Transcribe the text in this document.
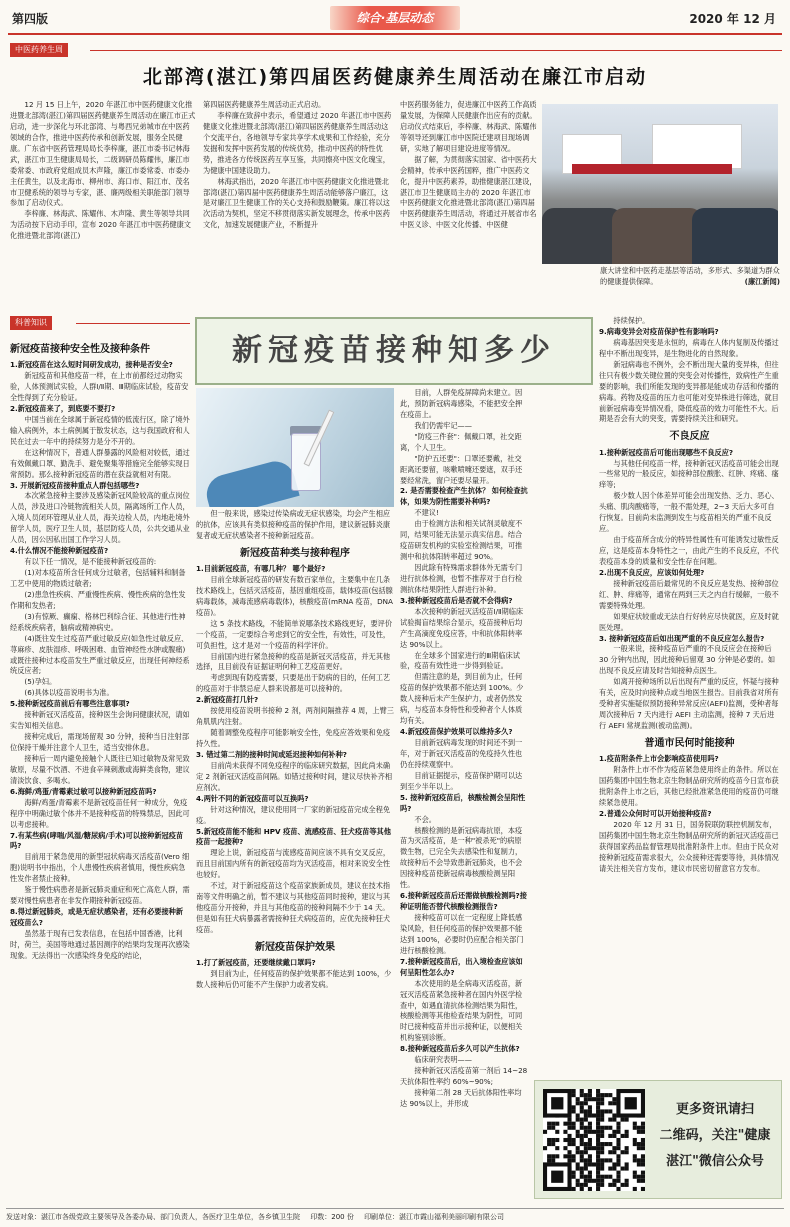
第四版	综合·基层动态	2020 年 12 月
中医药养生周
北部湾(湛江)第四届医药健康养生周活动在廉江市启动

12 月 15 日上午，2020 年湛江市中医药健康文化推进暨北部湾(湛江)第四届医药健康养生周活动在廉江市正式启动，进一步深化与环北部湾、与粤西兄弟城市在中医药领域的合作，推进中医药传承和创新发展，服务全民健康。广东省中医药管理局局长李梓廉，湛江市委书记林海武，湛江市卫生健康局局长，二级调研员陈耀伟，廉江市委常委、市政府党组成员木声隆，廉江市委常委、市委办主任黄生，以及北海市、柳州市、海口市、阳江市、茂名市卫健系统的领导与专家，湛、廉两级相关职能部门领导参加了启动仪式。

李梓廉、林海武、陈耀伟、木声隆、黄生等领导共同为活动按下启动手印，宣布 2020 年湛江市中医药健康文化推进暨北部湾(湛江)

第四届医药健康养生周活动正式启动。

李梓廉在致辞中表示，希望通过 2020 年湛江市中医药健康文化推进暨北部湾(湛江)第四届医药健康养生周活动这个交流平台，各地领导专家共享学术成果和工作经验，充分发掘和发挥中医药发展的传统优势，推动中医药的特性优势，推进各方传统医药互享互鉴，共同擦亮中医文化瑰宝，为健康中国建设助力。

林海武指出，2020 年湛江市中医药健康文化推进暨北部湾(湛江)第四届中医药健康养生周活动能够落户廉江，这是对廉江卫生健康工作的关心支持和鼓励鞭策。廉江将以这次活动为契机，坚定不移贯彻落实新发展理念，传承中医药文化，加速发展健康产业，不断提升

中医药服务能力，促进廉江中医药工作高质量发展，为保障人民健康作出应有的贡献。启动仪式结束后，李梓廉、林海武、陈耀伟等领导还到廉江市中医院迁建项目现场调研，实地了解项目建设进度等情况。

据了解，为贯彻落实国家、省中医药大会精神，传承中医药国粹，推广中医药文化，提升中医药素养，助推健康湛江建设，湛江市卫生健康局主办的 2020 年湛江市中医药健康文化推进暨北部湾(湛江)第四届中医药健康养生周活动，将通过开展省市名中医义诊、中医文化传播、中医健

康大讲堂和中医药走基层等活动，多形式、多渠道为群众的健康提供保障。	(廉江新闻)
科普知识
新冠疫苗接种知多少
新冠疫苗接种安全性及接种条件
1.新冠疫苗在这么短时间研发成功，接种是否安全?

新冠疫苗和其他疫苗一样，在上市前都经过动物实验，人体预测试实验，人群Ⅰ/Ⅱ期、Ⅲ期临床试验，疫苗安全性得到了充分验证。

2.新冠疫苗来了，到底要不要打?

中国当前在全球属于新冠疫情的低流行区，除了境外输入病例外，本土病例属于散发状态，这与我国政府和人民在过去一年中的持续努力是分不开的。

在这种情况下，普通人群暴露的风险相对较低，通过有效佩戴口罩、勤洗手、避免聚集等措施完全能够实现日常预防。那么接种新冠疫苗的潜在获益就相对有限。

3. 开展新冠疫苗接种重点人群包括哪些?

本次紧急接种主要涉及感染新冠风险较高的重点岗位人员，涉及进口冷链物流相关人员，隔离场所工作人员，入境人员闭环管理从业人员，海关边检人员，内地赴境外留学人员，医疗卫生人员，基层防疫人员，公共交通从业人员，因公因私出国工作学习人员。

4.什么情况不能接种新冠疫苗?

有以下任一情况，是不能接种新冠疫苗的:

(1)对本疫苗所含任何成分过敏者，包括辅料和制备工艺中使用的物质过敏者;

(2)患急性疾病、严重慢性疾病、慢性疾病的急性发作期和发热者;

(3)有惊厥、癫痫、格林巴利综合征、其他进行性神经系统疾病者，脑病或精神病史。

(4)既往发生过疫苗严重过敏反应(如急性过敏反应、荨麻疹、皮肤湿疹、呼吸困难、血管神经性水肿或腹痛)或既往接种过本疫苗发生严重过敏反应，出现任何神经系统反应者;

(5)孕妇。

(6)具体以疫苗说明书为准。

5.接种新冠疫苗前后有哪些注意事项?

接种新冠灭活疫苗，接种医生会询问健康状况，请如实告知相关信息。

接种完成后，需现场留观 30 分钟，接种当日注射部位保持干燥并注意个人卫生，适当安排休息。

接种后一周内避免接触个人既往已知过敏物及常见致敏原，尽量不饮酒、不进食辛辣刺激或海鲜类食物，建议清淡饮食、多喝水。

6.海鲜/鸡蛋/青霉素过敏可以接种新冠疫苗吗?

海鲜/鸡蛋/青霉素不是新冠疫苗任何一种成分，免疫程序中明确过敏个体并不是接种疫苗的特殊禁忌，因此可以考虑接种。

7.有某些病(哮喘/风湿/糖尿病/手术)可以接种新冠疫苗吗?

目前用于紧急使用的新型冠状病毒灭活疫苗(Vero 细胞)说明书中指出，个人患慢性疾病者慎用，慢性疾病急性发作者禁止接种。

鉴于慢性病患者是新冠肺炎重症和死亡高危人群，需要对慢性病患者在非发作期接种新冠疫苗。

8.得过新冠肺炎，或是无症状感染者，还有必要接种新冠疫苗么?

虽然基于现有已发表信息，在包括中国香港，比利时，荷兰，美国等地通过基因测序的结果均发现再次感染现象。无法得出一次感染终身免疫的结论，

但一般来说，感染过传染病或无症状感染，均会产生相应的抗体，应该具有类似接种疫苗的保护作用，建议新冠肺炎康复者或无症状感染者不接种新冠疫苗。

新冠疫苗种类与接种程序
1.目前新冠疫苗，有哪几种？ 哪个最好?

目前全球新冠疫苗的研发有数百家单位，主要集中在几条技术路线上，包括灭活疫苗，基因重组疫苗，载体疫苗(包括腺病毒载体，减毒流感病毒载体)，核酸疫苗(mRNA 疫苗，DNA 疫苗)。

这 5 条技术路线，不能简单说哪条技术路线更好，要评价一个疫苗，一定要综合考虑到它的安全性，有效性，可及性，可负担性，这才是对一个疫苗的科学评价。

目前国内进行紧急接种的疫苗是新冠灭活疫苗，并无其他选择，且目前没有证据证明何种工艺疫苗更好。

考虑到现有防疫需要，只要是出于防病的目的，任何工艺的疫苗对于非禁忌症人群来说都是可以接种的。

2.新冠疫苗打几针?

按使用疫苗说明书接种 2 剂，两剂间隔推荐 4 周，上臂三角肌肌内注射。

随着调整免疫程序可能影响安全性，免疫应答效果和免疫持久性。

3. 错过第二剂的接种时间或延迟接种如何补种?

目前尚未获得不同免疫程序的临床研究数据，因此尚未确定 2 剂新冠灭活疫苗间隔。如错过接种时间，建议尽快补齐相应剂次。

4.两针不同的新冠疫苗可以互换吗?

针对这种情况，建议使用同一厂家的新冠疫苗完成全程免疫。

5.新冠疫苗能不能和 HPV 疫苗、流感疫苗、狂犬疫苗等其他疫苗一起接种?

理论上说，新冠疫苗与流感疫苗间应该不具有交叉反应，而且目前国内所有的新冠疫苗均为灭活疫苗，相对来说安全性也较好。

不过，对于新冠疫苗这个疫苗家族新成员，建议在技术指南等文件明确之前，暂不建议与其他疫苗同时接种，建议与其他疫苗分开接种，并且与其他疫苗的接种间隔不少于 14 天。但是如有狂犬病暴露者需接种狂犬病疫苗的，应优先接种狂犬疫苗。

新冠疫苗保护效果
1.打了新冠疫苗，还要继续戴口罩吗?

到目前为止，任何疫苗的保护效果都不能达到 100%，少数人接种后仍可能不产生保护力或者发病。

目前，人群免疫屏障尚未建立。因此，预防新冠病毒感染，不能把安全押在疫苗上。

我们仍需牢记——

"防疫三件套"：佩戴口罩，社交距离，个人卫生。

"防护五还要"：口罩还要戴，社交距离还要留，咳嗽喷嚏还要遮，双手还要经常洗，窗户还要尽量开。

2. 是否需要检查产生抗体？ 如何检查抗体，如果为阴性需要补种吗?

不建议!

由于检测方法和相关试剂灵敏度不同，结果可能无法显示真实信息。结合疫苗研发机构的实验室检测结果，可推测中和抗体阳转率超过 90%。

因此除有特殊需求群体外无需专门进行抗体检测，也暂不推荐对于自行检测抗体结果阴性人群进行补种。

3.接种新冠疫苗后是否就不会得病?

本次接种的新冠灭活疫苗Ⅰ/Ⅱ期临床试验揭盲结果综合显示，疫苗接种后均产生高滴度免疫应答，中和抗体阳转率达 90%以上。

在全球多个国家进行的Ⅲ期临床试验，疫苗有效性进一步得到验证。

但需注意的是，到目前为止，任何疫苗的保护效果都不能达到 100%。少数人接种后未产生保护力，或者仍然发病，与疫苗本身特性和受种者个人体质均有关。

4.新冠疫苗保护效果可以维持多久?

目前新冠病毒发现的时间还不到一年，对于新冠灭活疫苗的免疫持久性也仍在持续观察中。

目前证据提示，疫苗保护期可以达到至少半年以上。

5. 接种新冠疫苗后，核酸检测会呈阳性吗?

不会。

核酸检测的是新冠病毒抗原，本疫苗为灭活疫苗，是一种"被杀死"的病原微生物，已完全失去感染性和复制力，故接种后不会导致患新冠肺炎，也不会因接种疫苗使新冠病毒核酸检测呈阳性。

6.接种新冠疫苗后还需做核酸检测吗?接种证明能否替代核酸检测报告?

接种疫苗可以在一定程度上降低感染风险，但任何疫苗的保护效果都不能达到 100%，必要时仍应配合相关部门进行核酸检测。

7.接种新冠疫苗后，出入境检查应该如何呈阳性怎么办?

本次使用的是全病毒灭活疫苗，新冠灭活疫苗紧急接种者在国内外医学检查中，如遇血清抗体检测结果为阳性，核酸检测等其他检查结果为阴性，可同时已接种疫苗并出示接种证，以便相关机构鉴别诊断。

8.接种新冠疫苗后多久可以产生抗体?

临床研究表明——

接种新冠灭活疫苗第一剂后 14~28 天抗体阳性率约 60%~90%;

接种第二剂 28 天后抗体阳性率均达 90%以上，并形成

持续保护。

9.病毒变异会对疫苗保护性有影响吗?

病毒基因突变是永恒的，病毒在人体内复制及传播过程中不断出现变异，是生物进化的自然现象。

新冠病毒也不例外，会不断出现大量的变异株，但往往只有极少数关键位置的突变会对传播性，致病性产生重要的影响，我们所能发现的变异都是能成功存活和传播的病毒。药物及疫苗的压力也可能对变异株进行筛选，就目前新冠病毒变异情况看，降低疫苗的效力可能性不大。后期是否会有大的突变，需要持续关注和研究。

不良反应
1.接种新冠疫苗后可能出现哪些不良反应?

与其他任何疫苗一样，接种新冠灭活疫苗可能会出现一些常见的一般反应，如接种部位酸胀、红肿、疼痛、瘙痒等;

极少数人因个体差异可能会出现发热、乏力、恶心、头痛、肌肉酸痛等，一般不需处理，2~3 天后大多可自行恢复。目前尚未监测到发生与疫苗相关的严重不良反应。

由于疫苗所含成分的特异性属性有可能诱发过敏性反应，这是疫苗本身特性之一，由此产生的不良反应，不代表疫苗本身的质量和安全性存在问题。

2.出现不良反应，应该如何处理?

接种新冠疫苗后最常见的不良反应是发热、接种部位红、肿、痒痛等，通常在两到三天之内自行缓解，一般不需要特殊处理。

如果症状较重或无法自行好转应尽快就医，应及时就医处理。

3. 接种新冠疫苗后如出现严重的不良反应怎么报告?

一般来说，接种疫苗后严重的不良反应会在接种后 30 分钟内出现，因此接种后留观 30 分钟是必要的。如出现不良反应请及时告知接种点医生。

如离开接种场所以后出现有严重的反应，怀疑与接种有关，应及时向接种点或当地医生报告。目前我省对所有受种者实施疑似预防接种异常反应(AEFI)监测，受种者每周次接种后 7 天内进行 AEFI 主动监测，接种 7 天后进行 AEFI 常规监测(被动监测)。

普通市民何时能接种
1.疫苗附条件上市会影响疫苗使用吗?

附条件上市不作为疫苗紧急使用终止的条件。所以在国药集团中国生物北京生物制品研究所的疫苗今日宣布获批附条件上市之后，其他已经批准紧急使用的疫苗仍可继续紧急使用。

2.普通公众何时可以开始接种疫苗?

2020 年 12 月 31 日，国务院联防联控机制发布，国药集团中国生物北京生物制品研究所的新冠灭活疫苗已获得国家药品监督管理局批准附条件上市。但由于民众对接种新冠疫苗需求很大，公众接种还需要等待，具体情况请关注相关官方发布，建议市民密切留意官方发布。

更多资讯请扫
二维码，关注"健康
湛江"微信公众号
发送对象：湛江市各级党政主要领导及各委办局、部门负责人，各医疗卫生单位，各乡镇卫生院 印数：200 份 印刷单位：湛江市霞山福利美丽印刷有限公司
